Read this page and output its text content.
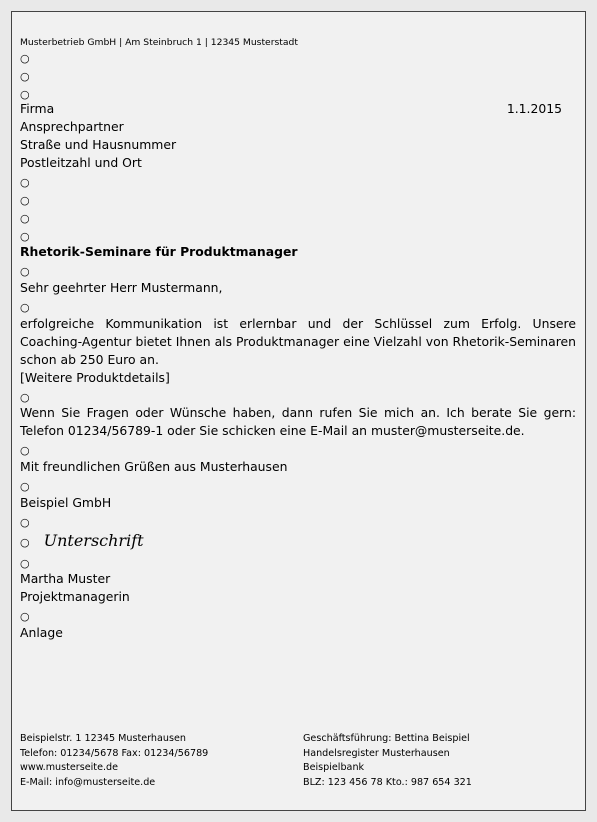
Musterbetrieb GmbH | Am Steinbruch 1 | 12345 Musterstadt
○
○
○
Firma	1.1.2015
Ansprechpartner
Straße und Hausnummer
Postleitzahl und Ort
○
○
○
○
Rhetorik-Seminare für Produktmanager
○
Sehr geehrter Herr Mustermann,
○
erfolgreiche Kommunikation ist erlernbar und der Schlüssel zum Erfolg. Unsere Coaching-Agentur bietet Ihnen als Produktmanager eine Vielzahl von Rhetorik-Seminaren schon ab 250 Euro an.
[Weitere Produktdetails]
○
Wenn Sie Fragen oder Wünsche haben, dann rufen Sie mich an. Ich berate Sie gern: Telefon 01234/56789-1 oder Sie schicken eine E-Mail an muster@musterseite.de.
○
Mit freundlichen Grüßen aus Musterhausen
○
Beispiel GmbH
○
○ Unterschrift
○
Martha Muster
Projektmanagerin
○
Anlage
Beispielstr. 1 12345 Musterhausen
Telefon: 01234/5678 Fax: 01234/56789
www.musterseite.de
E-Mail: info@musterseite.de
Geschäftsführung: Bettina Beispiel
Handelsregister Musterhausen
Beispielbank
BLZ: 123 456 78 Kto.: 987 654 321
